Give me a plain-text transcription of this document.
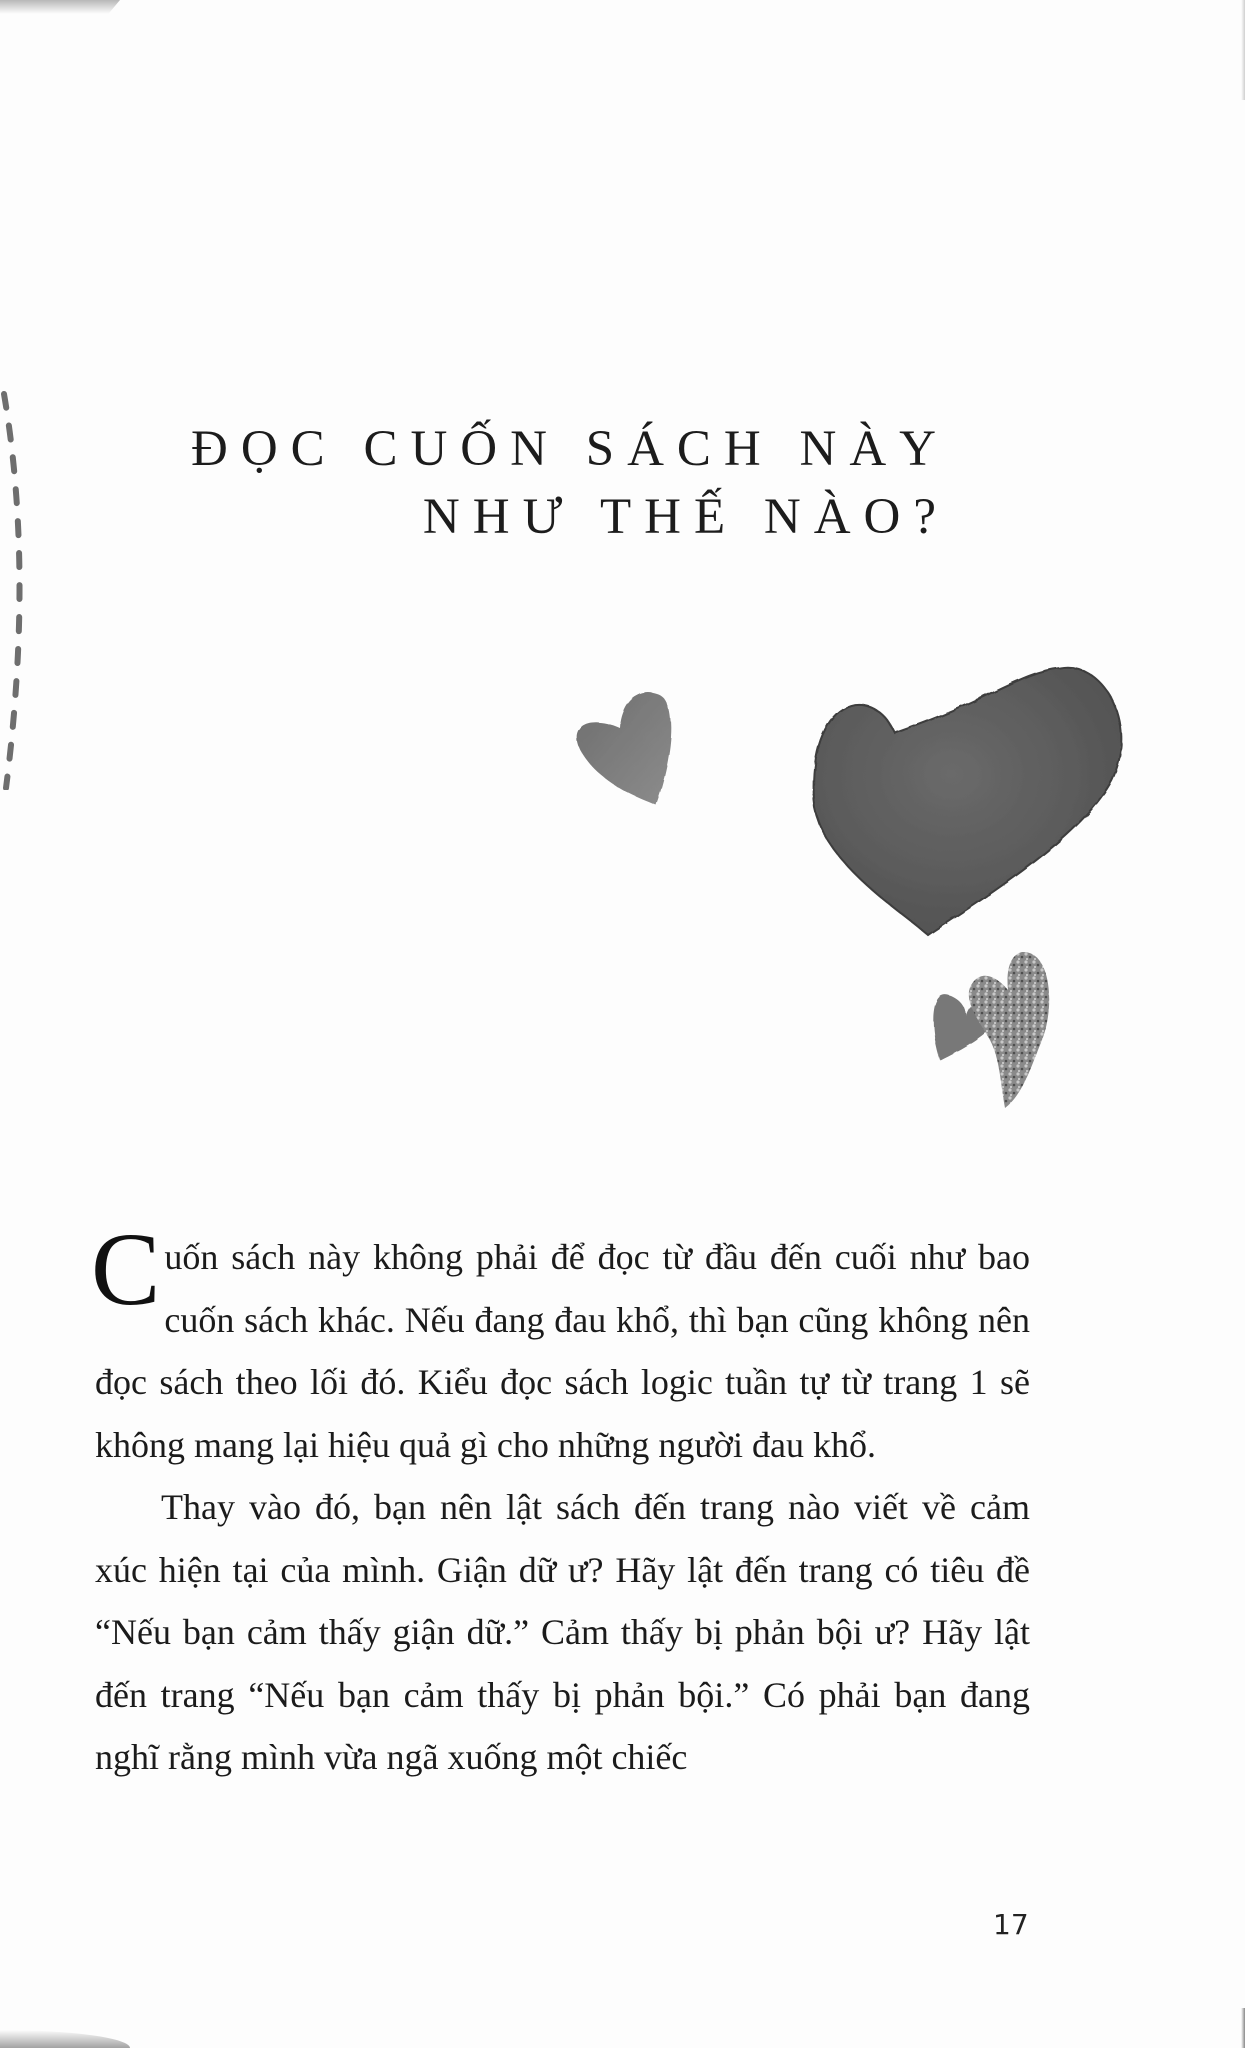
ĐỌC CUỐN SÁCH NÀY
NHƯ THẾ NÀO?

Cuốn sách này không phải để đọc từ đầu đến cuối như bao cuốn sách khác. Nếu đang đau khổ, thì bạn cũng không nên đọc sách theo lối đó. Kiểu đọc sách logic tuần tự từ trang 1 sẽ không mang lại hiệu quả gì cho những người đau khổ.

Thay vào đó, bạn nên lật sách đến trang nào viết về cảm xúc hiện tại của mình. Giận dữ ư? Hãy lật đến trang có tiêu đề “Nếu bạn cảm thấy giận dữ.” Cảm thấy bị phản bội ư? Hãy lật đến trang “Nếu bạn cảm thấy bị phản bội.” Có phải bạn đang nghĩ rằng mình vừa ngã xuống một chiếc

17
